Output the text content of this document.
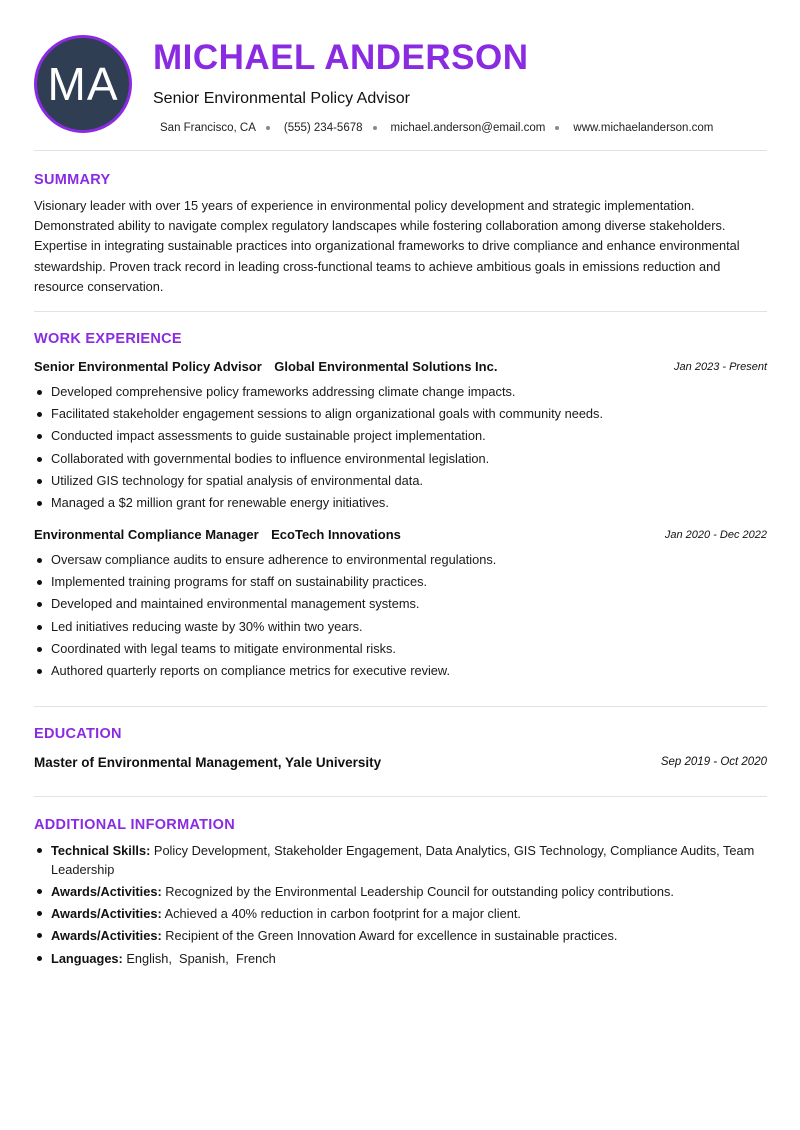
MA
MICHAEL ANDERSON
Senior Environmental Policy Advisor
San Francisco, CA (555) 234-5678 michael.anderson@email.com www.michaelanderson.com
SUMMARY
Visionary leader with over 15 years of experience in environmental policy development and strategic implementation. Demonstrated ability to navigate complex regulatory landscapes while fostering collaboration among diverse stakeholders. Expertise in integrating sustainable practices into organizational frameworks to drive compliance and enhance environmental stewardship. Proven track record in leading cross-functional teams to achieve ambitious goals in emissions reduction and resource conservation.
WORK EXPERIENCE
Senior Environmental Policy Advisor Global Environmental Solutions Inc.	Jan 2023 - Present
Developed comprehensive policy frameworks addressing climate change impacts.
Facilitated stakeholder engagement sessions to align organizational goals with community needs.
Conducted impact assessments to guide sustainable project implementation.
Collaborated with governmental bodies to influence environmental legislation.
Utilized GIS technology for spatial analysis of environmental data.
Managed a $2 million grant for renewable energy initiatives.
Environmental Compliance Manager EcoTech Innovations	Jan 2020 - Dec 2022
Oversaw compliance audits to ensure adherence to environmental regulations.
Implemented training programs for staff on sustainability practices.
Developed and maintained environmental management systems.
Led initiatives reducing waste by 30% within two years.
Coordinated with legal teams to mitigate environmental risks.
Authored quarterly reports on compliance metrics for executive review.
EDUCATION
Master of Environmental Management, Yale University	Sep 2019 - Oct 2020
ADDITIONAL INFORMATION
Technical Skills: Policy Development, Stakeholder Engagement, Data Analytics, GIS Technology, Compliance Audits, Team Leadership
Awards/Activities: Recognized by the Environmental Leadership Council for outstanding policy contributions.
Awards/Activities: Achieved a 40% reduction in carbon footprint for a major client.
Awards/Activities: Recipient of the Green Innovation Award for excellence in sustainable practices.
Languages: English,  Spanish,  French
